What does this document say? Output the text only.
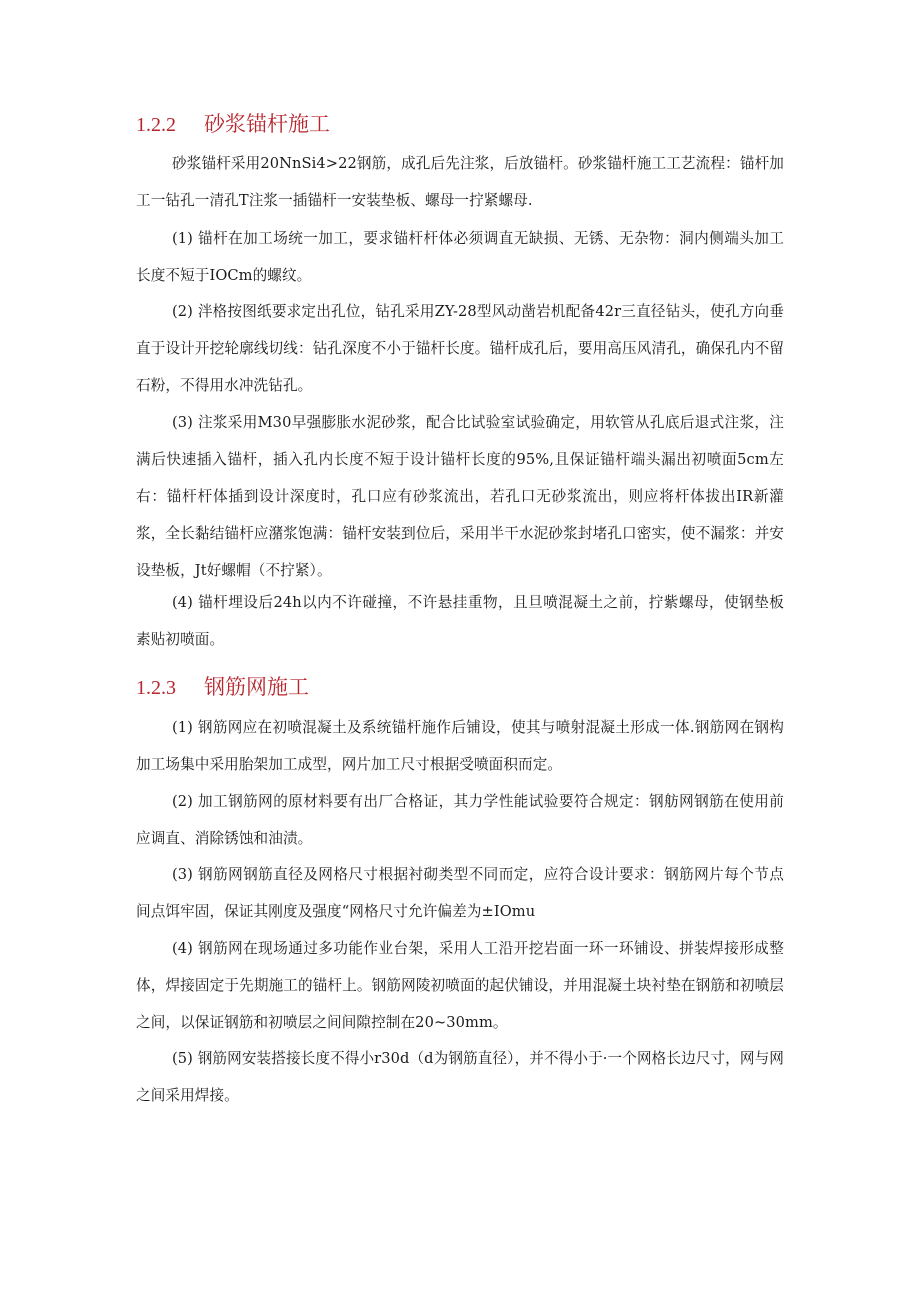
1.2.2 砂浆锚杆施工

砂浆锚杆采用20NnSi4>22钢筋，成孔后先注浆，后放锚杆。砂浆锚杆施工工艺流程：锚杆加工一钻孔一清孔T注浆一插锚杆一安装垫板、螺母一拧紧螺母.

(1) 锚杆在加工场统一加工，要求锚杆杆体必须调直无缺损、无锈、无杂物：洞内侧端头加工长度不短于IOCm的螺纹。

(2) 泮格按图纸要求定出孔位，钻孔采用ZY-28型风动凿岩机配备42r三直径钻头，使孔方向垂直于设计开挖轮廓线切线：钻孔深度不小于锚杆长度。锚杆成孔后，要用高压风清孔，确保孔内不留石粉，不得用水冲洗钻孔。

(3) 注浆采用M30早强膨胀水泥砂浆，配合比试验室试验确定，用软管从孔底后退式注浆，注满后快速插入锚杆，插入孔内长度不短于设计锚杆长度的95%,且保证锚杆端头漏出初喷面5cm左右：锚杆杆体插到设计深度时，孔口应有砂浆流出，若孔口无砂浆流出，则应将杆体拔出IR新灌浆，全长黏结锚杆应潴浆饱满：锚杆安装到位后，采用半干水泥砂浆封堵孔口密实，使不漏浆：并安设垫板，Jt好螺帽（不拧紧）。

(4) 锚杆埋设后24h以内不许碰撞，不许悬挂重物，且旦喷混凝土之前，拧紫螺母，使钢垫板素贴初喷面。

1.2.3 钢筋网施工

(1) 钢筋网应在初喷混凝土及系统锚杆施作后铺设，使其与喷射混凝土形成一体.钢筋网在钢构加工场集中采用胎架加工成型，网片加工尺寸根据受喷面积而定。

(2) 加工钢筋网的原材料要有出厂合格证，其力学性能试验要符合规定：钢舫网钢筋在使用前应调直、消除锈蚀和油渍。

(3) 钢筋网钢筋直径及网格尺寸根据衬砌类型不同而定，应符合设计要求：钢筋网片每个节点间点饵牢固，保证其刚度及强度“网格尺寸允许偏差为±IOmu

(4) 钢筋网在现场通过多功能作业台架，采用人工沿开挖岩面一环一环铺设、拼装焊接形成整体，焊接固定于先期施工的锚杆上。钢筋网陵初喷面的起伏铺设，并用混凝土块衬垫在钢筋和初喷层之间，以保证钢筋和初喷层之间间隙控制在20~30mm。

(5) 钢筋网安装搭接长度不得小r30d（d为钢筋直径），并不得小于·一个网格长边尺寸，网与网之间采用焊接。
